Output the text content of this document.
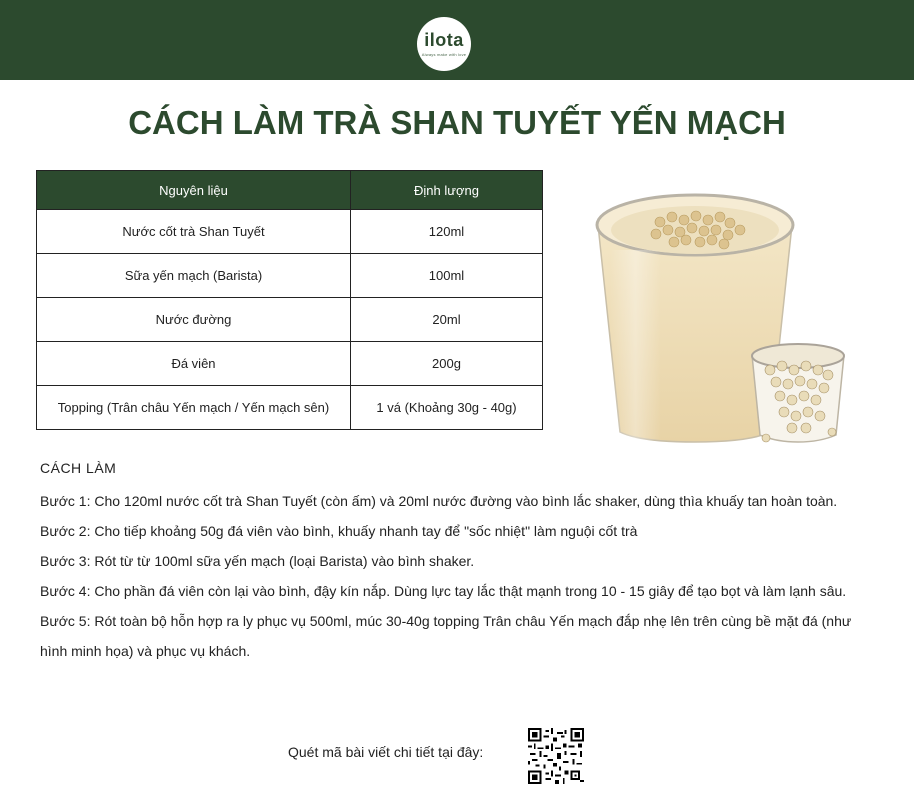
ilota
Always make with love
CÁCH LÀM TRÀ SHAN TUYẾT YẾN MẠCH
Nguyên liệu	Định lượng
Nước cốt trà Shan Tuyết	120ml
Sữa yến mạch (Barista)	100ml
Nước đường	20ml
Đá viên	200g
Topping (Trân châu Yến mạch / Yến mạch sên)	1 vá (Khoảng 30g - 40g)
CÁCH LÀM

Bước 1: Cho 120ml nước cốt trà Shan Tuyết (còn ấm) và 20ml nước đường vào bình lắc shaker, dùng thìa khuấy tan hoàn toàn.

Bước 2: Cho tiếp khoảng 50g đá viên vào bình, khuấy nhanh tay để "sốc nhiệt" làm nguội cốt trà

Bước 3: Rót từ từ 100ml sữa yến mạch (loại Barista) vào bình shaker.

Bước 4: Cho phần đá viên còn lại vào bình, đậy kín nắp. Dùng lực tay lắc thật mạnh trong 10 - 15 giây để tạo bọt và làm lạnh sâu.

Bước 5: Rót toàn bộ hỗn hợp ra ly phục vụ 500ml, múc 30-40g topping Trân châu Yến mạch đắp nhẹ lên trên cùng bề mặt đá (như hình minh họa) và phục vụ khách.

Quét mã bài viết chi tiết tại đây:
